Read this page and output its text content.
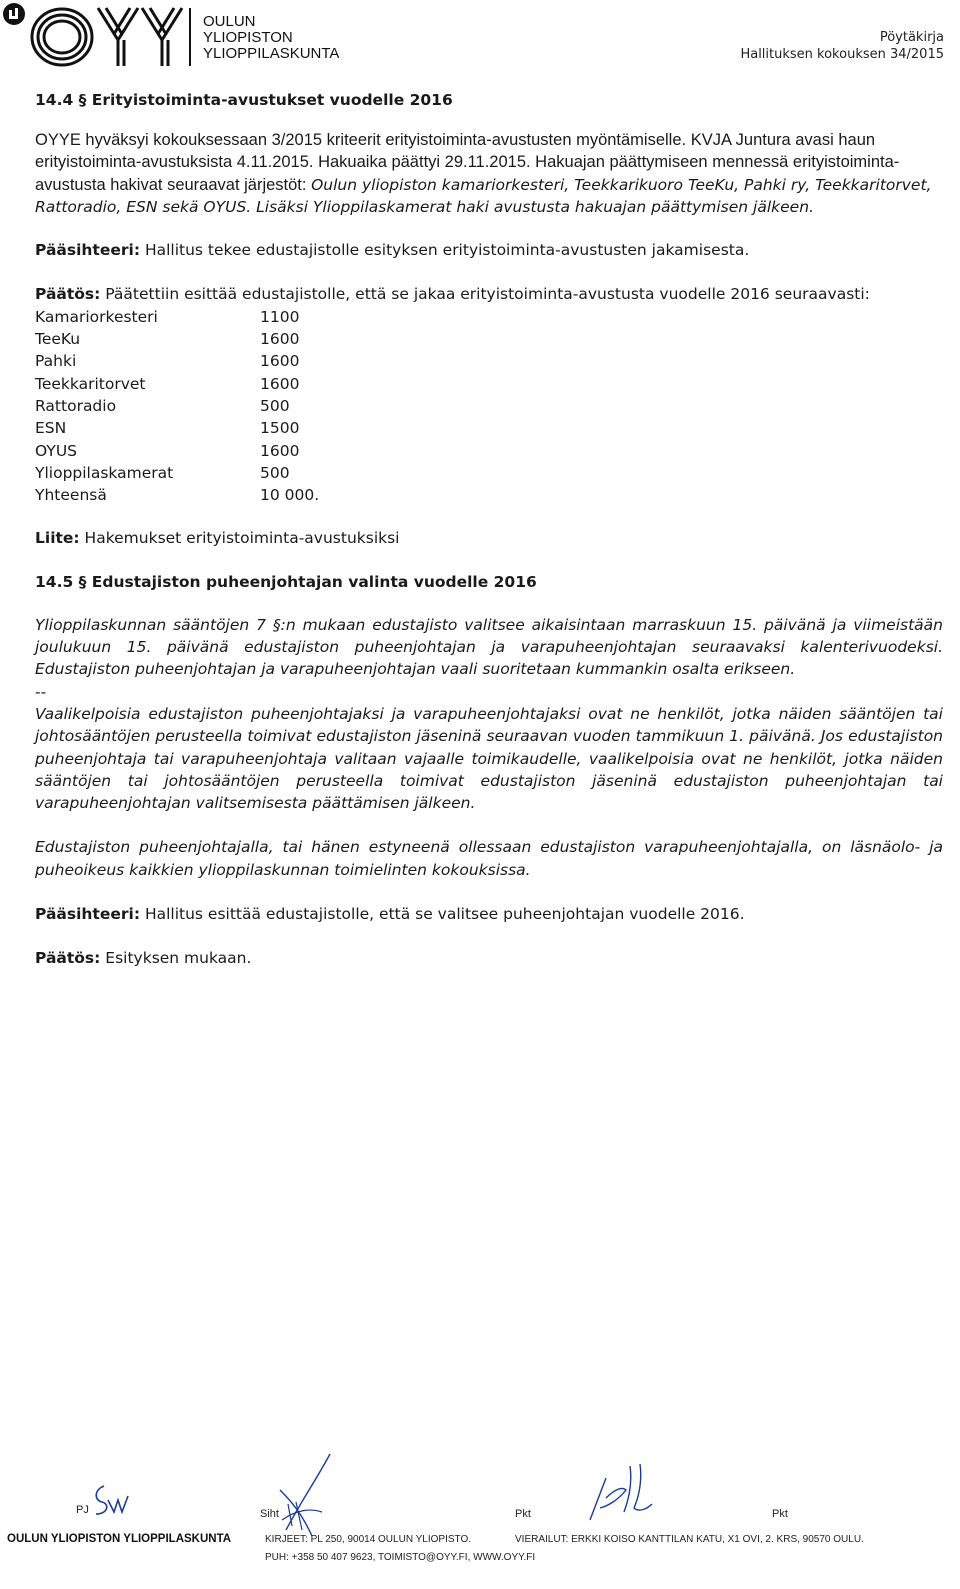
OULUN
YLIOPISTON
YLIOPPILASKUNTA
Pöytäkirja
Hallituksen kokouksen 34/2015
14.4 § Erityistoiminta-avustukset vuodelle 2016

OYYE hyväksyi kokouksessaan 3/2015 kriteerit erityistoiminta-avustusten myöntämiselle. KVJA Juntura avasi haun erityistoiminta-avustuksista 4.11.2015. Hakuaika päättyi 29.11.2015. Hakuajan päättymiseen mennessä erityistoiminta-avustusta hakivat seuraavat järjestöt: Oulun yliopiston kamariorkesteri, Teekkarikuoro TeeKu, Pahki ry, Teekkaritorvet, Rattoradio, ESN sekä OYUS. Lisäksi Ylioppilaskamerat haki avustusta hakuajan päättymisen jälkeen.

Pääsihteeri: Hallitus tekee edustajistolle esityksen erityistoiminta-avustusten jakamisesta.

Päätös: Päätettiin esittää edustajistolle, että se jakaa erityistoiminta-avustusta vuodelle 2016 seuraavasti:

Kamariorkesteri	1100
TeeKu	1600
Pahki	1600
Teekkaritorvet	1600
Rattoradio	500
ESN	1500
OYUS	1600
Ylioppilaskamerat	500
Yhteensä	10 000.

Liite: Hakemukset erityistoiminta-avustuksiksi

14.5 § Edustajiston puheenjohtajan valinta vuodelle 2016

Ylioppilaskunnan sääntöjen 7 §:n mukaan edustajisto valitsee aikaisintaan marraskuun 15. päivänä ja viimeistään joulukuun 15. päivänä edustajiston puheenjohtajan ja varapuheenjohtajan seuraavaksi kalenterivuodeksi. Edustajiston puheenjohtajan ja varapuheenjohtajan vaali suoritetaan kummankin osalta erikseen.

--

Vaalikelpoisia edustajiston puheenjohtajaksi ja varapuheenjohtajaksi ovat ne henkilöt, jotka näiden sääntöjen tai johtosääntöjen perusteella toimivat edustajiston jäseninä seuraavan vuoden tammikuun 1. päivänä. Jos edustajiston puheenjohtaja tai varapuheenjohtaja valitaan vajaalle toimikaudelle, vaalikelpoisia ovat ne henkilöt, jotka näiden sääntöjen tai johtosääntöjen perusteella toimivat edustajiston jäseninä edustajiston puheenjohtajan tai varapuheenjohtajan valitsemisesta päättämisen jälkeen.

Edustajiston puheenjohtajalla, tai hänen estyneenä ollessaan edustajiston varapuheenjohtajalla, on läsnäolo- ja puheoikeus kaikkien ylioppilaskunnan toimielinten kokouksissa.

Pääsihteeri: Hallitus esittää edustajistolle, että se valitsee puheenjohtajan vuodelle 2016.

Päätös: Esityksen mukaan.

PJ	Siht	Pkt	Pkt
OULUN YLIOPISTON YLIOPPILASKUNTA	KIRJEET: PL 250, 90014 OULUN YLIOPISTO.
PUH: +358 50 407 9623, TOIMISTO@OYY.FI, WWW.OYY.FI
VIERAILUT: ERKKI KOISO KANTTILAN KATU, X1 OVI, 2. KRS, 90570 OULU.
